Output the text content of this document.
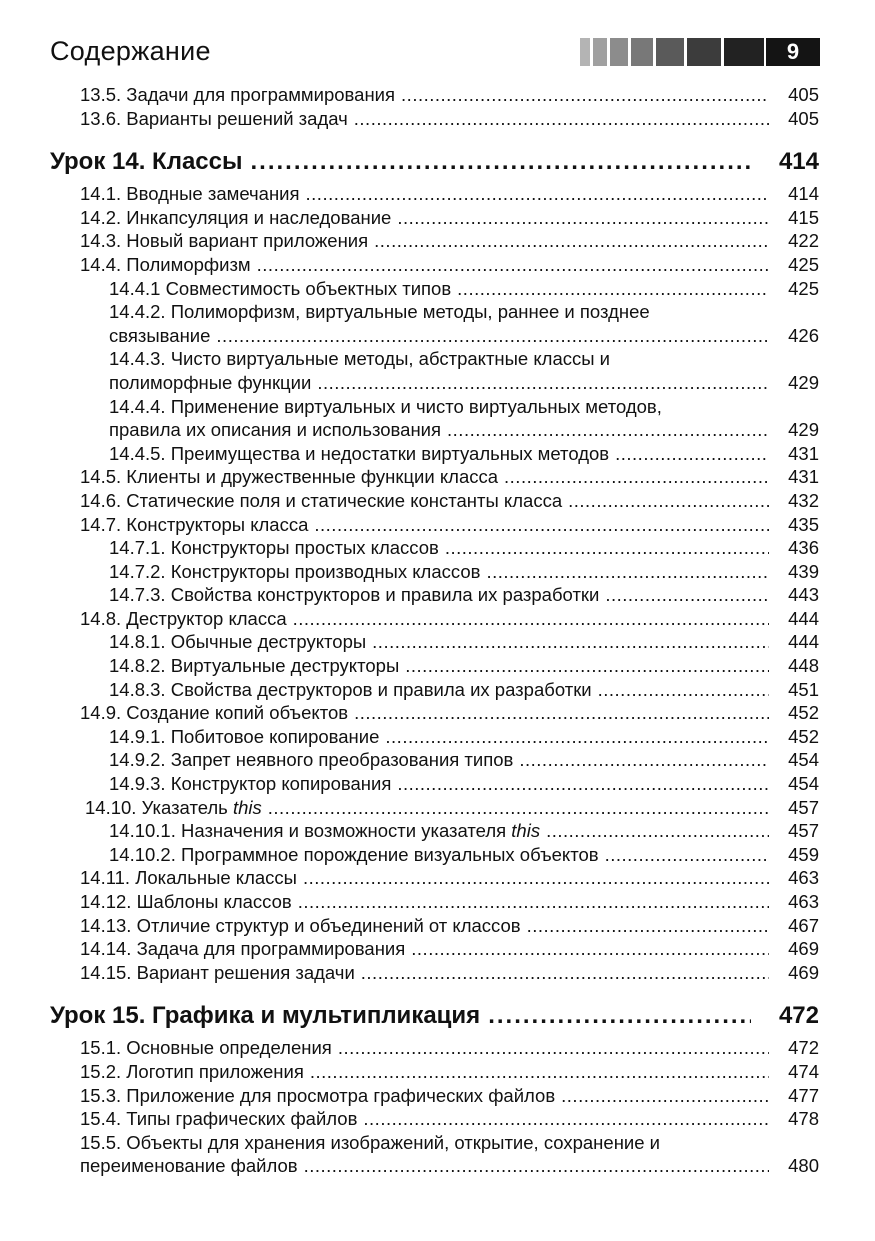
Содержание	9
13.5. Задачи для программирования .....	405
13.6. Варианты решений задач .....	405
Урок 14. Классы .....	414
14.1. Вводные замечания .....	414
14.2. Инкапсуляция и наследование .....	415
14.3. Новый вариант приложения .....	422
14.4. Полиморфизм .....	425
14.4.1 Совместимость объектных типов .....	425
14.4.2. Полиморфизм, виртуальные методы, раннее и позднее
связывание .....	426
14.4.3. Чисто виртуальные методы, абстрактные классы и
полиморфные функции .....	429
14.4.4. Применение виртуальных и чисто виртуальных методов,
правила их описания и использования .....	429
14.4.5. Преимущества и недостатки виртуальных методов .....	431
14.5. Клиенты и дружественные функции класса .....	431
14.6. Статические поля и статические константы класса .....	432
14.7. Конструкторы класса .....	435
14.7.1. Конструкторы простых классов .....	436
14.7.2. Конструкторы производных классов .....	439
14.7.3. Свойства конструкторов и правила их разработки .....	443
14.8. Деструктор класса .....	444
14.8.1. Обычные деструкторы .....	444
14.8.2. Виртуальные деструкторы .....	448
14.8.3. Свойства деструкторов и правила их разработки .....	451
14.9. Создание копий объектов .....	452
14.9.1. Побитовое копирование .....	452
14.9.2. Запрет неявного преобразования типов .....	454
14.9.3. Конструктор копирования .....	454
14.10. Указатель this .....	457
14.10.1. Назначения и возможности указателя this .....	457
14.10.2. Программное порождение визуальных объектов .....	459
14.11. Локальные классы .....	463
14.12. Шаблоны классов .....	463
14.13. Отличие структур и объединений от классов .....	467
14.14. Задача для программирования .....	469
14.15. Вариант решения задачи .....	469
Урок 15. Графика и мультипликация .....	472
15.1. Основные определения .....	472
15.2. Логотип приложения .....	474
15.3. Приложение для просмотра графических файлов .....	477
15.4. Типы графических файлов .....	478
15.5. Объекты для хранения изображений, открытие, сохранение и
переименование файлов .....	480
